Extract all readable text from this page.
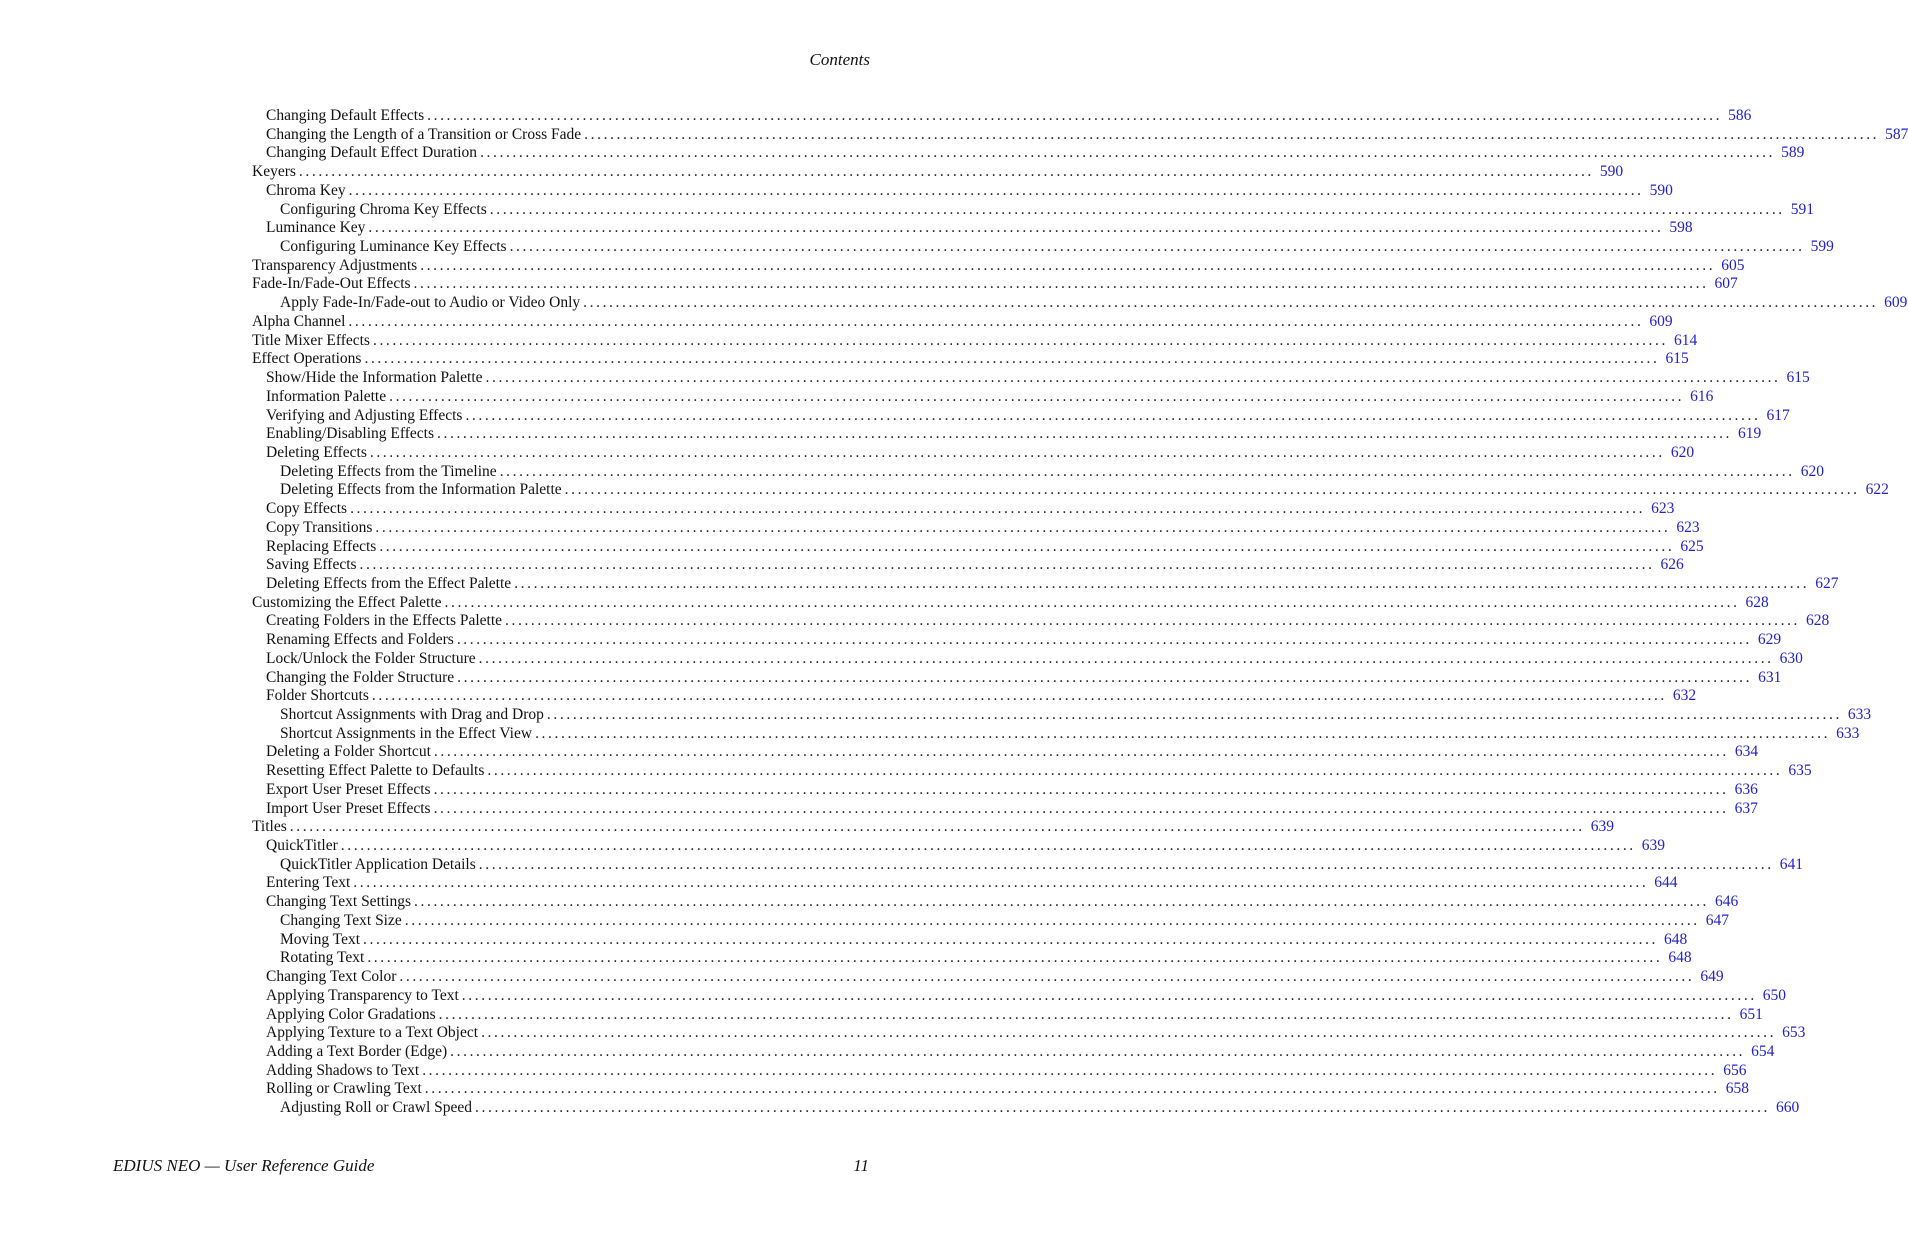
Contents
Changing Default Effects ........................................................................................................................................................................................................ 586
Changing the Length of a Transition or Cross Fade ........................................................................................................................................................................................................ 587
Changing Default Effect Duration ........................................................................................................................................................................................................ 589
Keyers ........................................................................................................................................................................................................ 590
Chroma Key ........................................................................................................................................................................................................ 590
Configuring Chroma Key Effects ........................................................................................................................................................................................................ 591
Luminance Key ........................................................................................................................................................................................................ 598
Configuring Luminance Key Effects ........................................................................................................................................................................................................ 599
Transparency Adjustments ........................................................................................................................................................................................................ 605
Fade-In/Fade-Out Effects ........................................................................................................................................................................................................ 607
Apply Fade-In/Fade-out to Audio or Video Only ........................................................................................................................................................................................................ 609
Alpha Channel ........................................................................................................................................................................................................ 609
Title Mixer Effects ........................................................................................................................................................................................................ 614
Effect Operations ........................................................................................................................................................................................................ 615
Show/Hide the Information Palette ........................................................................................................................................................................................................ 615
Information Palette ........................................................................................................................................................................................................ 616
Verifying and Adjusting Effects ........................................................................................................................................................................................................ 617
Enabling/Disabling Effects ........................................................................................................................................................................................................ 619
Deleting Effects ........................................................................................................................................................................................................ 620
Deleting Effects from the Timeline ........................................................................................................................................................................................................ 620
Deleting Effects from the Information Palette ........................................................................................................................................................................................................ 622
Copy Effects ........................................................................................................................................................................................................ 623
Copy Transitions ........................................................................................................................................................................................................ 623
Replacing Effects ........................................................................................................................................................................................................ 625
Saving Effects ........................................................................................................................................................................................................ 626
Deleting Effects from the Effect Palette ........................................................................................................................................................................................................ 627
Customizing the Effect Palette ........................................................................................................................................................................................................ 628
Creating Folders in the Effects Palette ........................................................................................................................................................................................................ 628
Renaming Effects and Folders ........................................................................................................................................................................................................ 629
Lock/Unlock the Folder Structure ........................................................................................................................................................................................................ 630
Changing the Folder Structure ........................................................................................................................................................................................................ 631
Folder Shortcuts ........................................................................................................................................................................................................ 632
Shortcut Assignments with Drag and Drop ........................................................................................................................................................................................................ 633
Shortcut Assignments in the Effect View ........................................................................................................................................................................................................ 633
Deleting a Folder Shortcut ........................................................................................................................................................................................................ 634
Resetting Effect Palette to Defaults ........................................................................................................................................................................................................ 635
Export User Preset Effects ........................................................................................................................................................................................................ 636
Import User Preset Effects ........................................................................................................................................................................................................ 637
Titles ........................................................................................................................................................................................................ 639
QuickTitler ........................................................................................................................................................................................................ 639
QuickTitler Application Details ........................................................................................................................................................................................................ 641
Entering Text ........................................................................................................................................................................................................ 644
Changing Text Settings ........................................................................................................................................................................................................ 646
Changing Text Size ........................................................................................................................................................................................................ 647
Moving Text ........................................................................................................................................................................................................ 648
Rotating Text ........................................................................................................................................................................................................ 648
Changing Text Color ........................................................................................................................................................................................................ 649
Applying Transparency to Text ........................................................................................................................................................................................................ 650
Applying Color Gradations ........................................................................................................................................................................................................ 651
Applying Texture to a Text Object ........................................................................................................................................................................................................ 653
Adding a Text Border (Edge) ........................................................................................................................................................................................................ 654
Adding Shadows to Text ........................................................................................................................................................................................................ 656
Rolling or Crawling Text ........................................................................................................................................................................................................ 658
Adjusting Roll or Crawl Speed ........................................................................................................................................................................................................ 660
EDIUS NEO — User Reference Guide	11
